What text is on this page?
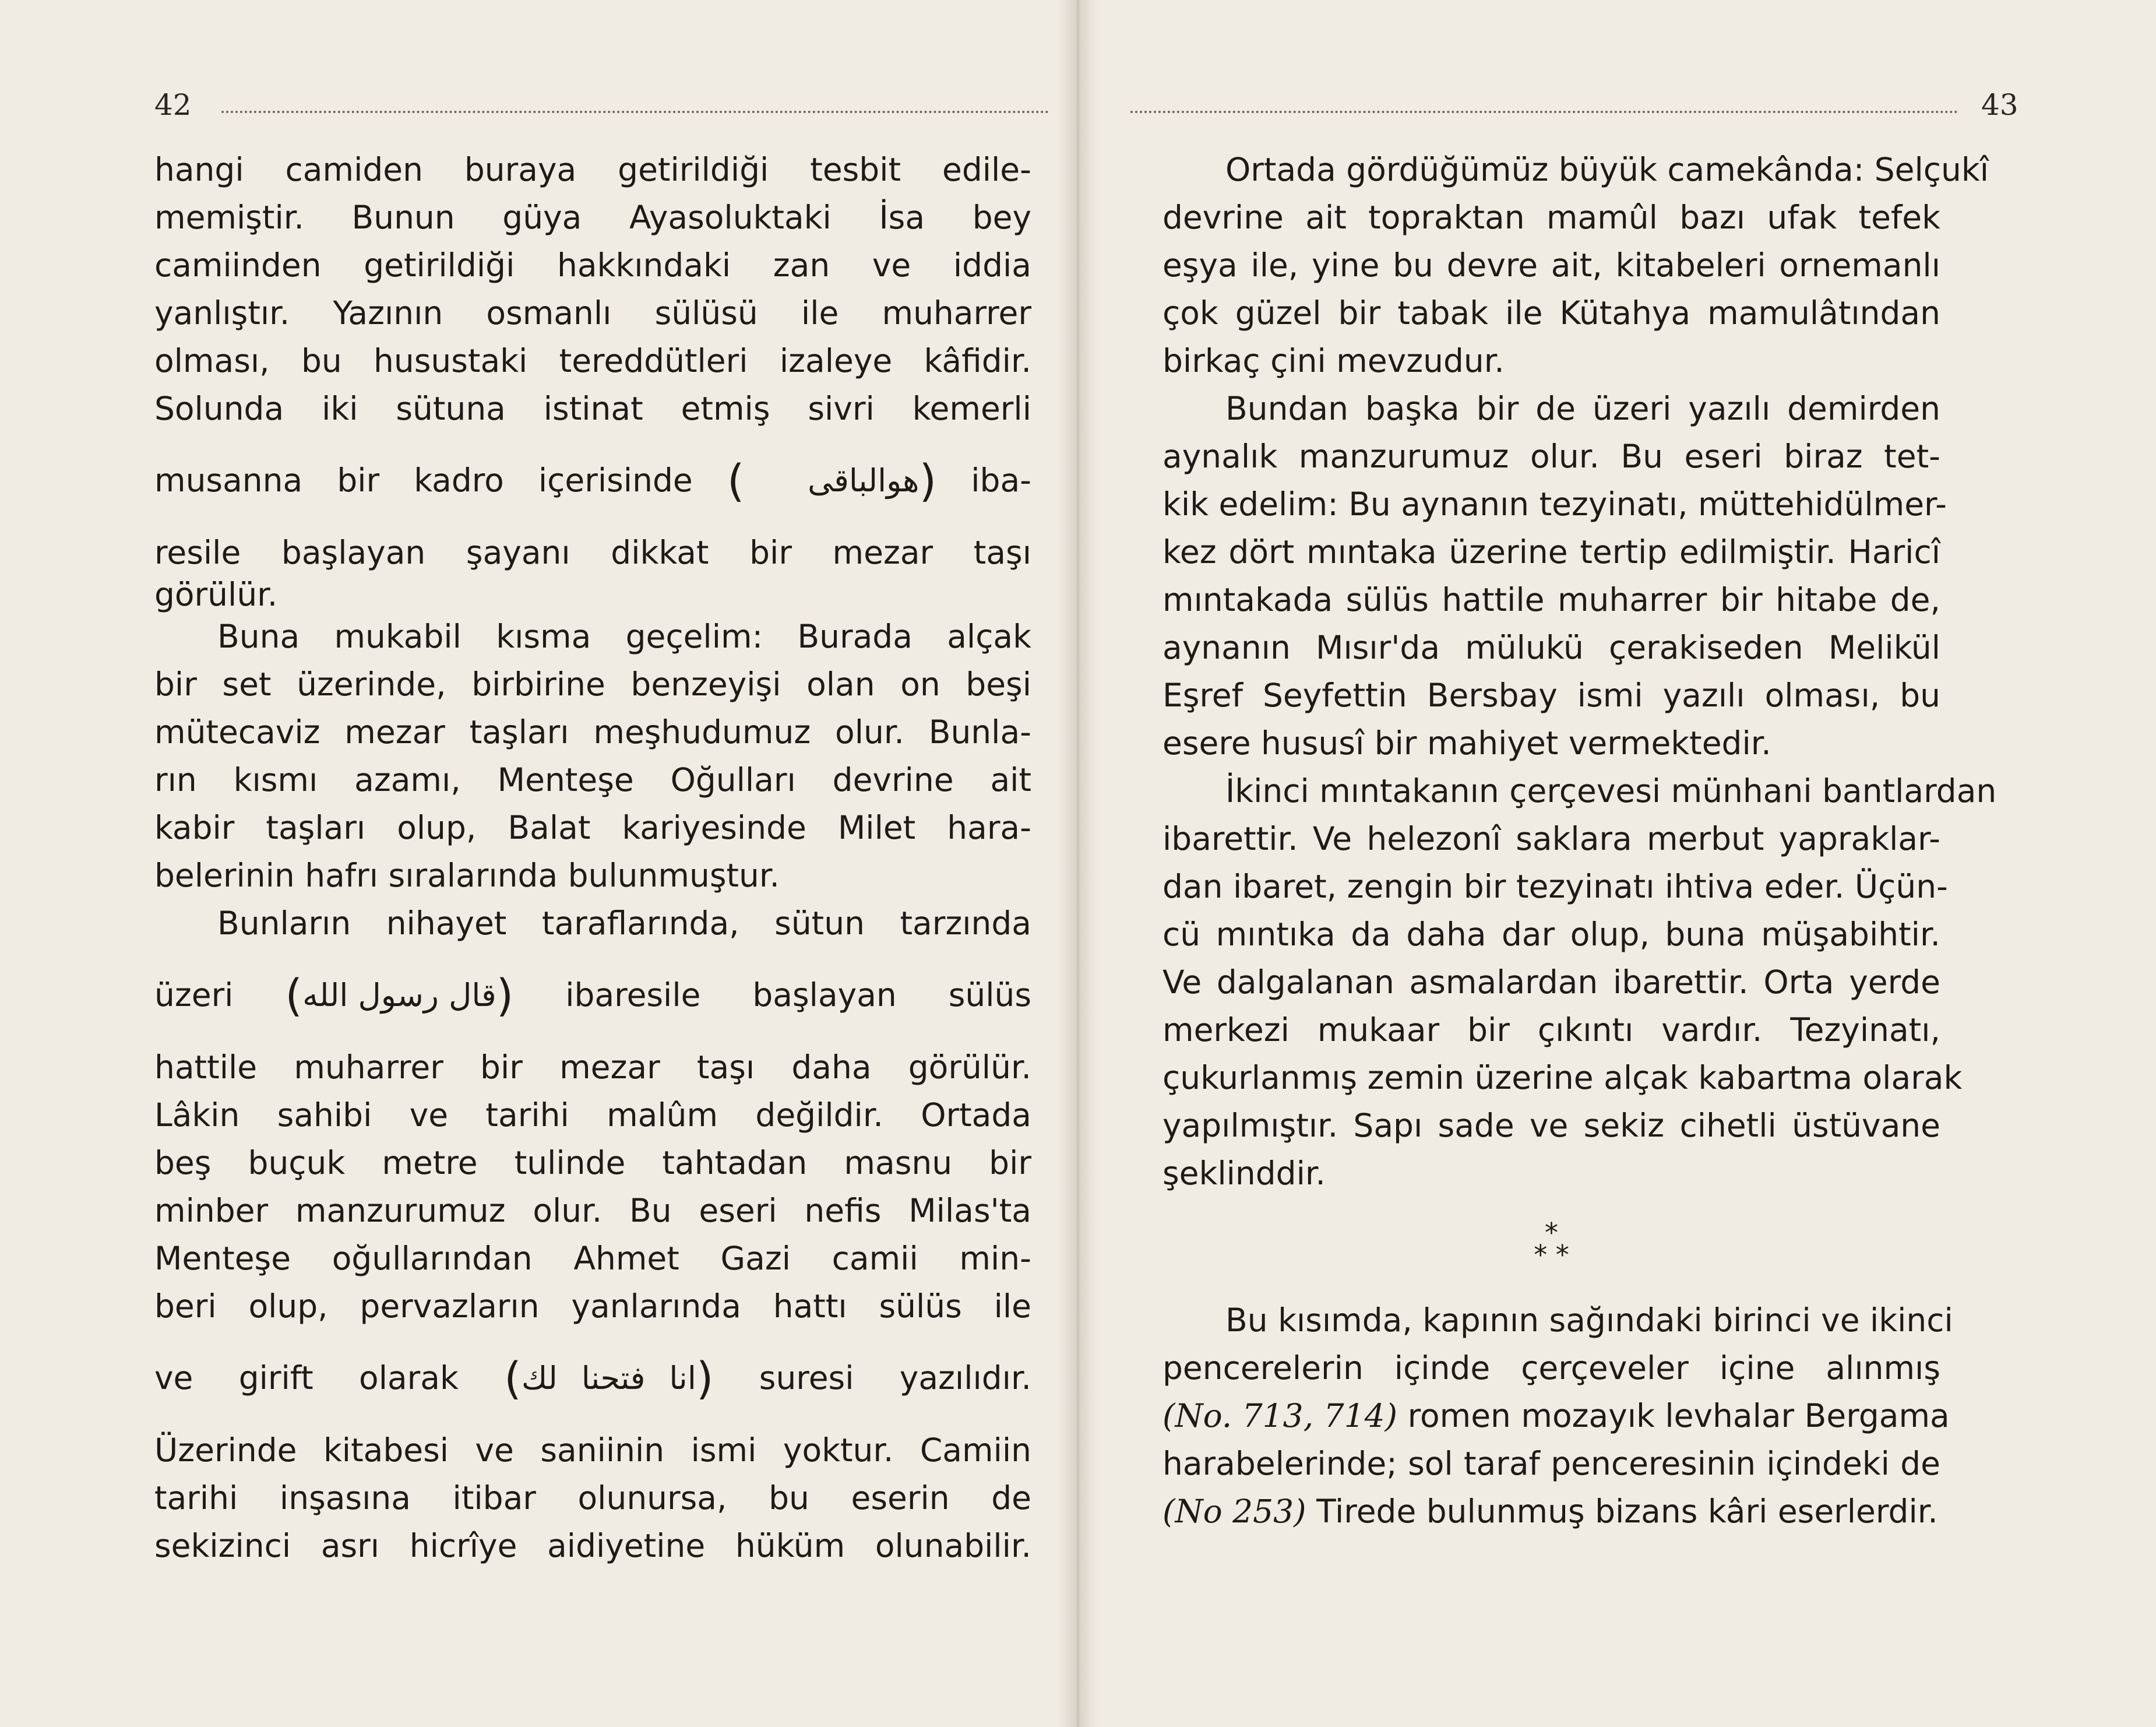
42
hangi camiden buraya getirildiği tesbit edile-
memiştir. Bunun güya Ayasoluktaki İsa bey
camiinden getirildiği hakkındaki zan ve iddia
yanlıştır. Yazının osmanlı sülüsü ile muharrer
olması, bu husustaki tereddütleri izaleye kâfidir.
Solunda iki sütuna istinat etmiş sivri kemerli
musanna bir kadro içerisinde ( هوالباقى) iba-
resile başlayan şayanı dikkat bir mezar taşı
görülür.
Buna mukabil kısma geçelim: Burada alçak
bir set üzerinde, birbirine benzeyişi olan on beşi
mütecaviz mezar taşları meşhudumuz olur. Bunla-
rın kısmı azamı, Menteşe Oğulları devrine ait
kabir taşları olup, Balat kariyesinde Milet hara-
belerinin hafrı sıralarında bulunmuştur.
Bunların nihayet taraflarında, sütun tarzında
üzeri (قال رسول الله) ibaresile başlayan sülüs
hattile muharrer bir mezar taşı daha görülür.
Lâkin sahibi ve tarihi malûm değildir. Ortada
beş buçuk metre tulinde tahtadan masnu bir
minber manzurumuz olur. Bu eseri nefis Milas'ta
Menteşe oğullarından Ahmet Gazi camii min-
beri olup, pervazların yanlarında hattı sülüs ile
ve girift olarak (انا فتحنا لك) suresi yazılıdır.
Üzerinde kitabesi ve saniinin ismi yoktur. Camiin
tarihi inşasına itibar olunursa, bu eserin de
sekizinci asrı hicrîye aidiyetine hüküm olunabilir.
43
Ortada gördüğümüz büyük camekânda: Selçukî
devrine ait topraktan mamûl bazı ufak tefek
eşya ile, yine bu devre ait, kitabeleri ornemanlı
çok güzel bir tabak ile Kütahya mamulâtından
birkaç çini mevzudur.
Bundan başka bir de üzeri yazılı demirden
aynalık manzurumuz olur. Bu eseri biraz tet-
kik edelim: Bu aynanın tezyinatı, müttehidülmer-
kez dört mıntaka üzerine tertip edilmiştir. Haricî
mıntakada sülüs hattile muharrer bir hitabe de,
aynanın Mısır'da mülukü çerakiseden Melikül
Eşref Seyfettin Bersbay ismi yazılı olması, bu
esere hususî bir mahiyet vermektedir.
İkinci mıntakanın çerçevesi münhani bantlardan
ibarettir. Ve helezonî saklara merbut yapraklar-
dan ibaret, zengin bir tezyinatı ihtiva eder. Üçün-
cü mıntıka da daha dar olup, buna müşabihtir.
Ve dalgalanan asmalardan ibarettir. Orta yerde
merkezi mukaar bir çıkıntı vardır. Tezyinatı,
çukurlanmış zemin üzerine alçak kabartma olarak
yapılmıştır. Sapı sade ve sekiz cihetli üstüvane
şeklinddir.
*
* *
Bu kısımda, kapının sağındaki birinci ve ikinci
pencerelerin içinde çerçeveler içine alınmış
(No. 713, 714) romen mozayık levhalar Bergama
harabelerinde; sol taraf penceresinin içindeki de
(No 253) Tirede bulunmuş bizans kâri eserlerdir.
